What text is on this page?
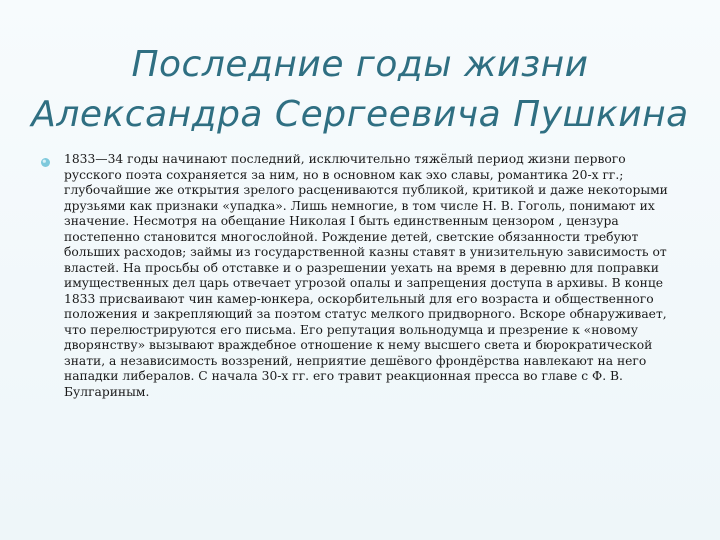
Последние годы жизни
Александра Сергеевича Пушкина
1833—34 годы начинают последний, исключительно тяжёлый период жизни первого русского поэта сохраняется за ним, но в основном как эхо славы, романтика 20-х гг.; глубочайшие же открытия зрелого расцениваются публикой, критикой и даже некоторыми друзьями как признаки «упадка». Лишь немногие, в том числе Н. В. Гоголь, понимают их значение. Несмотря на обещание Николая I быть единственным цензором , цензура постепенно становится многослойной. Рождение детей, светские обязанности требуют больших расходов; займы из государственной казны ставят в унизительную зависимость от властей. На просьбы об отставке и о разрешении уехать на время в деревню для поправки имущественных дел царь отвечает угрозой опалы и запрещения доступа в архивы. В конце 1833 присваивают чин камер-юнкера, оскорбительный для его возраста и общественного положения и закрепляющий за поэтом статус мелкого придворного. Вскоре обнаруживает, что перелюстрируются его письма. Его репутация вольнодумца и презрение к «новому дворянству» вызывают враждебное отношение к нему высшего света и бюрократической знати, а независимость воззрений, неприятие дешёвого фрондёрства навлекают на него нападки либералов. С начала 30-х гг. его травит реакционная пресса во главе с Ф. В. Булгариным.
